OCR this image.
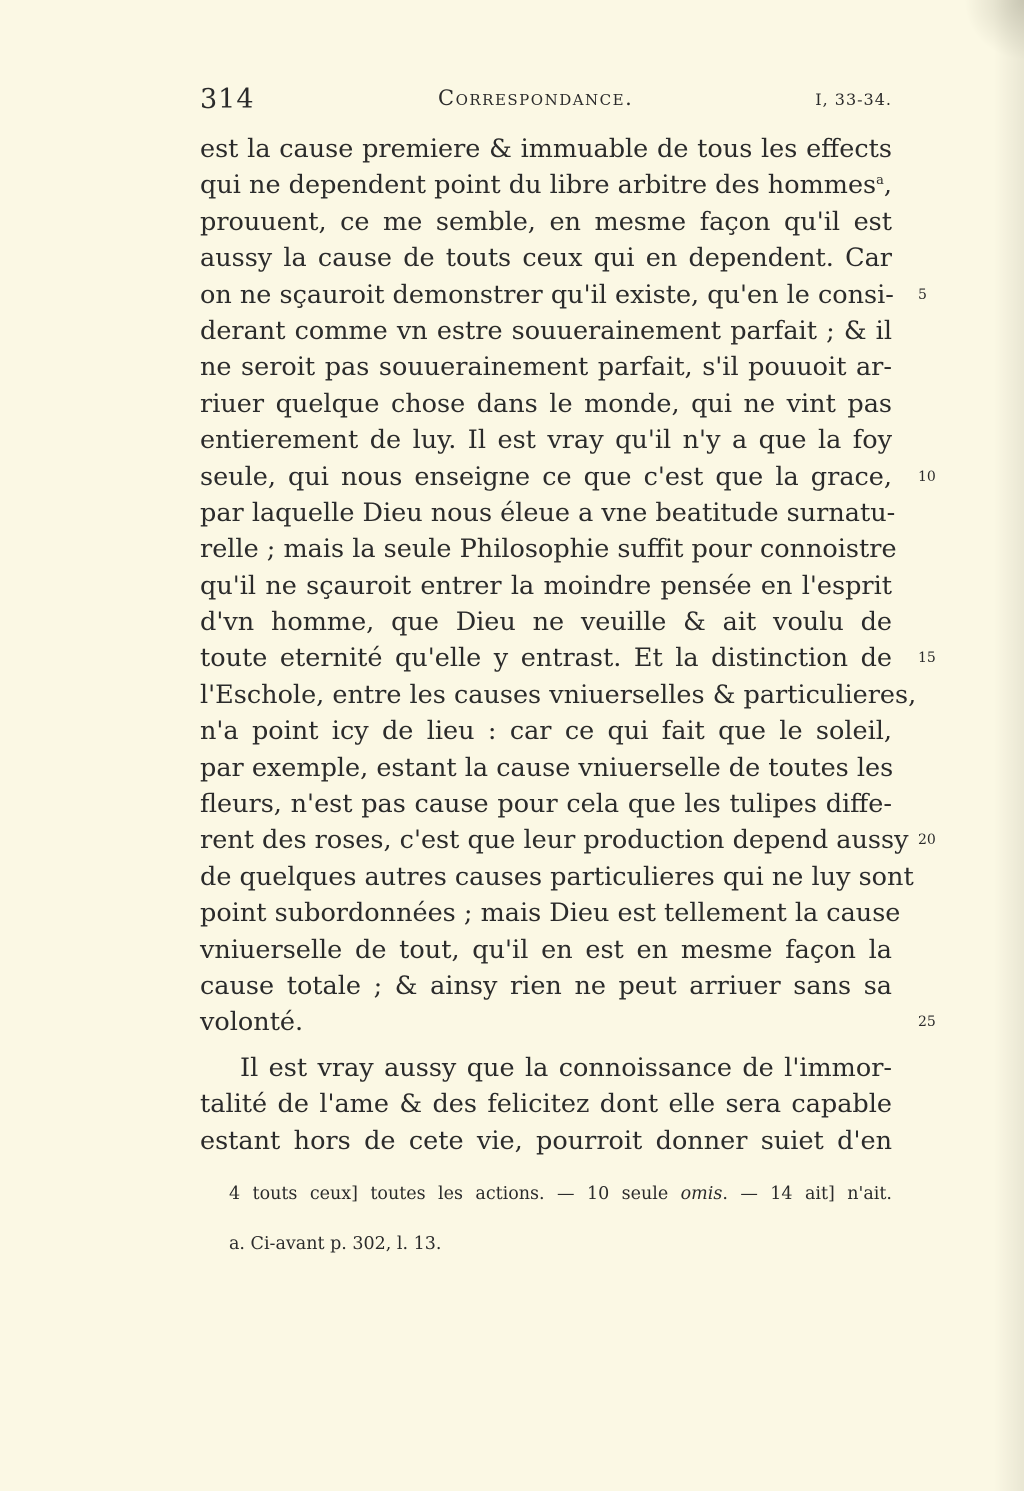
314	Correspondance.	I, 33-34.
est la cause premiere & immuable de tous les effects
qui ne dependent point du libre arbitre des hommes$^a$,
prouuent, ce me semble, en mesme façon qu'il est
aussy la cause de touts ceux qui en dependent. Car
on ne sçauroit demonstrer qu'il existe, qu'en le consi- 5
derant comme vn estre souuerainement parfait ; & il
ne seroit pas souuerainement parfait, s'il pouuoit ar-
riuer quelque chose dans le monde, qui ne vint pas
entierement de luy. Il est vray qu'il n'y a que la foy
seule, qui nous enseigne ce que c'est que la grace, 10
par laquelle Dieu nous éleue a vne beatitude surnatu-
relle ; mais la seule Philosophie suffit pour connoistre
qu'il ne sçauroit entrer la moindre pensée en l'esprit
d'vn homme, que Dieu ne veuille & ait voulu de
toute eternité qu'elle y entrast. Et la distinction de 15
l'Eschole, entre les causes vniuerselles & particulieres,
n'a point icy de lieu : car ce qui fait que le soleil,
par exemple, estant la cause vniuerselle de toutes les
fleurs, n'est pas cause pour cela que les tulipes diffe-
rent des roses, c'est que leur production depend aussy 20
de quelques autres causes particulieres qui ne luy sont
point subordonnées ; mais Dieu est tellement la cause
vniuerselle de tout, qu'il en est en mesme façon la
cause totale ; & ainsy rien ne peut arriuer sans sa
volonté.	25
Il est vray aussy que la connoissance de l'immor-
talité de l'ame & des felicitez dont elle sera capable
estant hors de cete vie, pourroit donner suiet d'en
4 touts ceux] toutes les actions. — 10 seule omis. — 14 ait] n'ait.
a. Ci-avant p. 302, l. 13.
